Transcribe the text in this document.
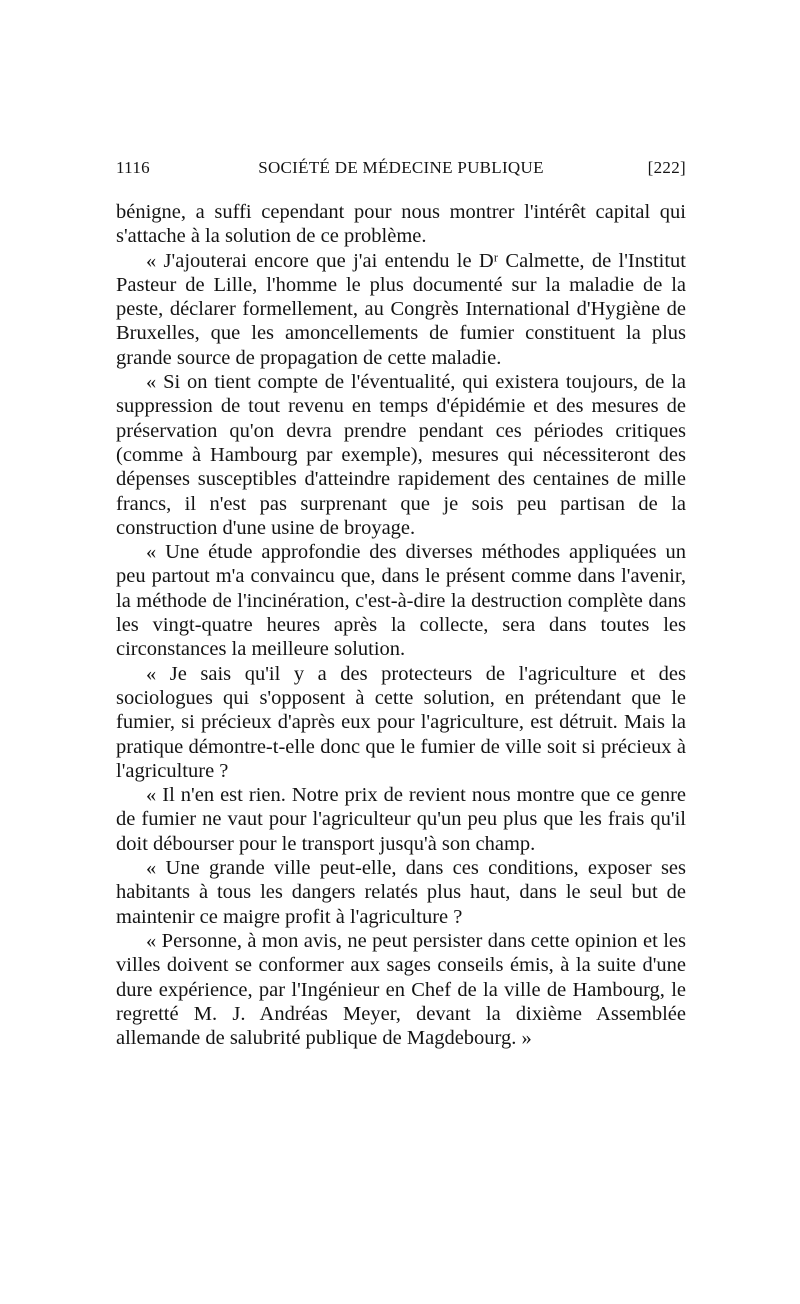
1116	SOCIÉTÉ DE MÉDECINE PUBLIQUE	[222]

bénigne, a suffi cependant pour nous montrer l'intérêt capital qui s'attache à la solution de ce problème.

« J'ajouterai encore que j'ai entendu le Dʳ Calmette, de l'Institut Pasteur de Lille, l'homme le plus documenté sur la maladie de la peste, déclarer formellement, au Congrès International d'Hygiène de Bruxelles, que les amoncellements de fumier constituent la plus grande source de propagation de cette maladie.

« Si on tient compte de l'éventualité, qui existera toujours, de la suppression de tout revenu en temps d'épidémie et des mesures de préservation qu'on devra prendre pendant ces périodes critiques (comme à Hambourg par exemple), mesures qui nécessiteront des dépenses susceptibles d'atteindre rapidement des centaines de mille francs, il n'est pas surprenant que je sois peu partisan de la construction d'une usine de broyage.

« Une étude approfondie des diverses méthodes appliquées un peu partout m'a convaincu que, dans le présent comme dans l'avenir, la méthode de l'incinération, c'est-à-dire la destruction complète dans les vingt-quatre heures après la collecte, sera dans toutes les circonstances la meilleure solution.

« Je sais qu'il y a des protecteurs de l'agriculture et des sociologues qui s'opposent à cette solution, en prétendant que le fumier, si précieux d'après eux pour l'agriculture, est détruit. Mais la pratique démontre-t-elle donc que le fumier de ville soit si précieux à l'agriculture ?

« Il n'en est rien. Notre prix de revient nous montre que ce genre de fumier ne vaut pour l'agriculteur qu'un peu plus que les frais qu'il doit débourser pour le transport jusqu'à son champ.

« Une grande ville peut-elle, dans ces conditions, exposer ses habitants à tous les dangers relatés plus haut, dans le seul but de maintenir ce maigre profit à l'agriculture ?

« Personne, à mon avis, ne peut persister dans cette opinion et les villes doivent se conformer aux sages conseils émis, à la suite d'une dure expérience, par l'Ingénieur en Chef de la ville de Hambourg, le regretté M. J. Andréas Meyer, devant la dixième Assemblée allemande de salubrité publique de Magdebourg. »
